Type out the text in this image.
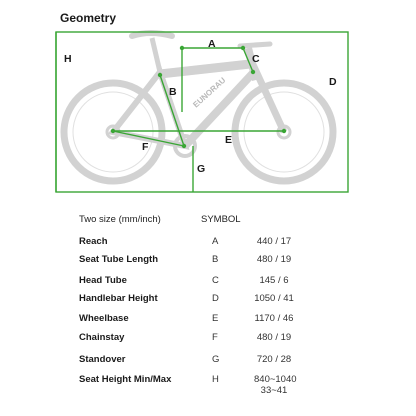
Geometry
EUNORAU
A
B
C
D
E
F
G
H
Two size (mm/inch)	SYMBOL
Reach	A	440 / 17
Seat Tube Length	B	480 / 19
Head Tube	C	145 / 6
Handlebar Height	D	1050 / 41
Wheelbase	E	1170 / 46
Chainstay	F	480 / 19
Standover	G	720 / 28
Seat Height Min/Max	H	840~1040
33~41
